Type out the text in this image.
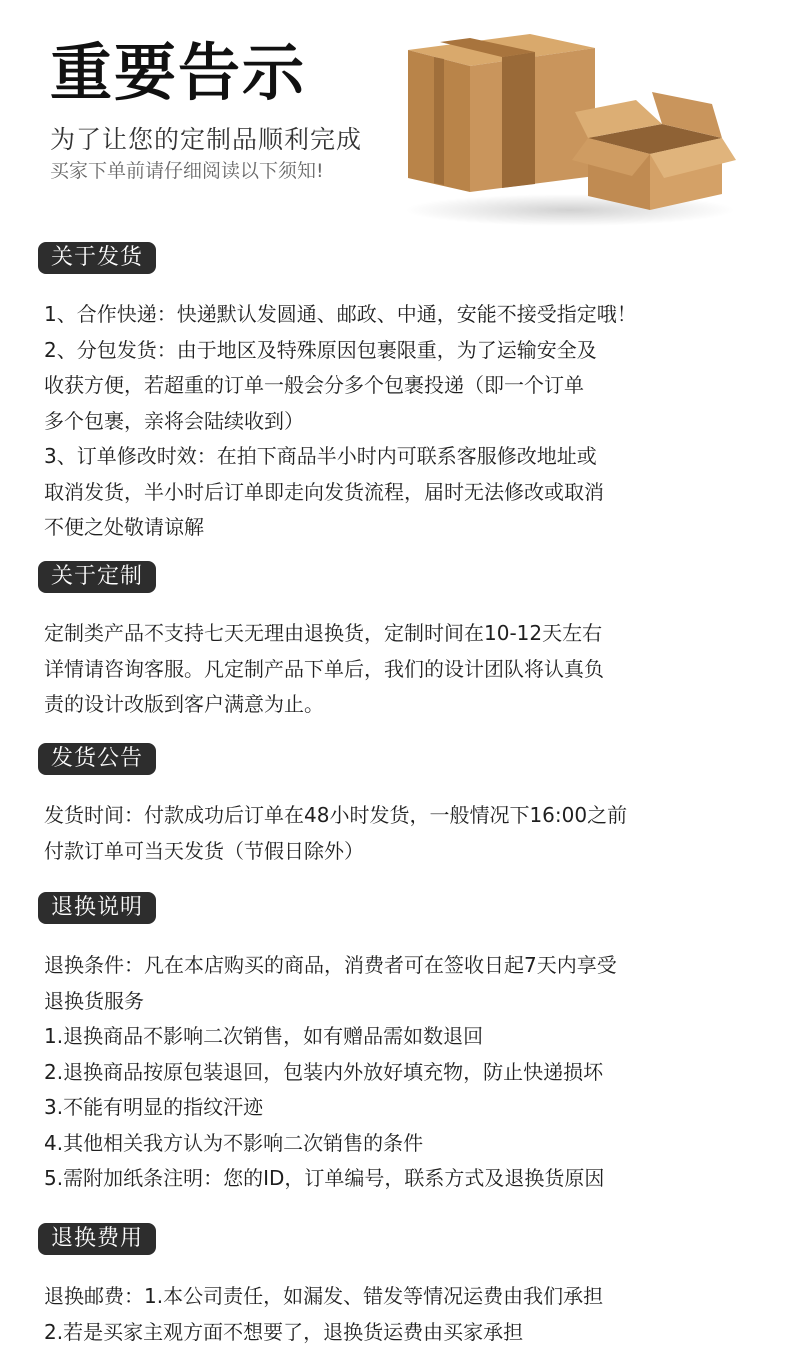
重要告示
为了让您的定制品顺利完成
买家下单前请仔细阅读以下须知!
关于发货

1、合作快递：快递默认发圆通、邮政、中通，安能不接受指定哦！

2、分包发货：由于地区及特殊原因包裹限重，为了运输安全及

收获方便，若超重的订单一般会分多个包裹投递（即一个订单

多个包裹，亲将会陆续收到）

3、订单修改时效：在拍下商品半小时内可联系客服修改地址或

取消发货，半小时后订单即走向发货流程，届时无法修改或取消

不便之处敬请谅解

关于定制

定制类产品不支持七天无理由退换货，定制时间在10-12天左右

详情请咨询客服。凡定制产品下单后，我们的设计团队将认真负

责的设计改版到客户满意为止。

发货公告

发货时间：付款成功后订单在48小时发货，一般情况下16:00之前

付款订单可当天发货（节假日除外）

退换说明

退换条件：凡在本店购买的商品，消费者可在签收日起7天内享受

退换货服务

1.退换商品不影响二次销售，如有赠品需如数退回

2.退换商品按原包装退回，包装内外放好填充物，防止快递损坏

3.不能有明显的指纹汗迹

4.其他相关我方认为不影响二次销售的条件

5.需附加纸条注明：您的ID，订单编号，联系方式及退换货原因

退换费用

退换邮费：1.本公司责任，如漏发、错发等情况运费由我们承担

2.若是买家主观方面不想要了，退换货运费由买家承担
